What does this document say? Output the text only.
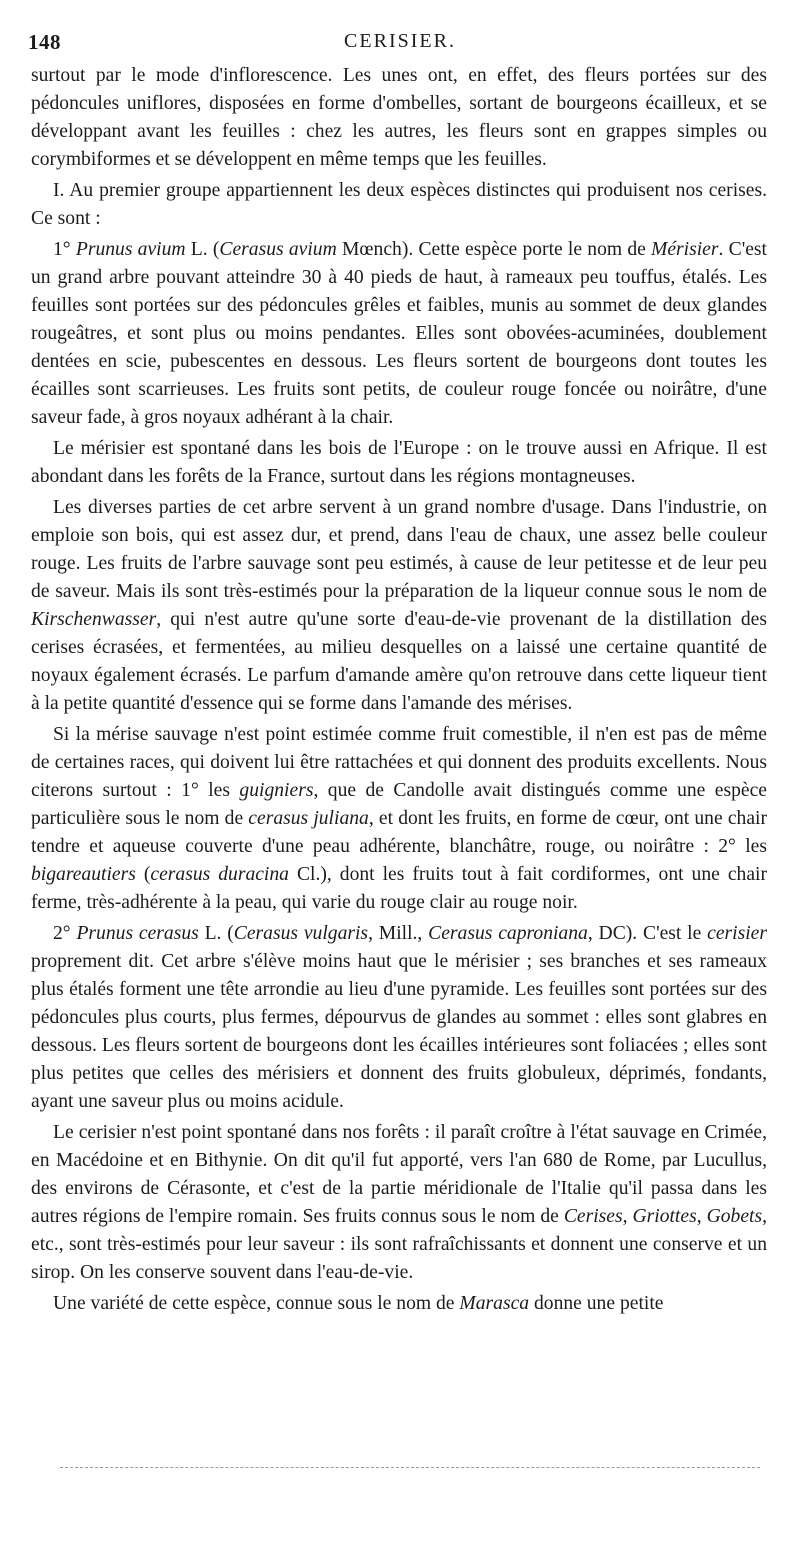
148	CERISIER.

surtout par le mode d'inflorescence. Les unes ont, en effet, des fleurs portées sur des pédoncules uniflores, disposées en forme d'ombelles, sortant de bourgeons écailleux, et se développant avant les feuilles : chez les autres, les fleurs sont en grappes simples ou corymbiformes et se développent en même temps que les feuilles.

I. Au premier groupe appartiennent les deux espèces distinctes qui produisent nos cerises. Ce sont :

1° Prunus avium L. (Cerasus avium Mœnch). Cette espèce porte le nom de Mérisier. C'est un grand arbre pouvant atteindre 30 à 40 pieds de haut, à rameaux peu touffus, étalés. Les feuilles sont portées sur des pédoncules grêles et faibles, munis au sommet de deux glandes rougeâtres, et sont plus ou moins pendantes. Elles sont obovées-acuminées, doublement dentées en scie, pubescentes en dessous. Les fleurs sortent de bourgeons dont toutes les écailles sont scarrieuses. Les fruits sont petits, de couleur rouge foncée ou noirâtre, d'une saveur fade, à gros noyaux adhérant à la chair.

Le mérisier est spontané dans les bois de l'Europe : on le trouve aussi en Afrique. Il est abondant dans les forêts de la France, surtout dans les régions montagneuses.

Les diverses parties de cet arbre servent à un grand nombre d'usage. Dans l'industrie, on emploie son bois, qui est assez dur, et prend, dans l'eau de chaux, une assez belle couleur rouge. Les fruits de l'arbre sauvage sont peu estimés, à cause de leur petitesse et de leur peu de saveur. Mais ils sont très-estimés pour la préparation de la liqueur connue sous le nom de Kirschenwasser, qui n'est autre qu'une sorte d'eau-de-vie provenant de la distillation des cerises écrasées, et fermentées, au milieu desquelles on a laissé une certaine quantité de noyaux également écrasés. Le parfum d'amande amère qu'on retrouve dans cette liqueur tient à la petite quantité d'essence qui se forme dans l'amande des mérises.

Si la mérise sauvage n'est point estimée comme fruit comestible, il n'en est pas de même de certaines races, qui doivent lui être rattachées et qui donnent des produits excellents. Nous citerons surtout : 1° les guigniers, que de Candolle avait distingués comme une espèce particulière sous le nom de cerasus juliana, et dont les fruits, en forme de cœur, ont une chair tendre et aqueuse couverte d'une peau adhérente, blanchâtre, rouge, ou noirâtre : 2° les bigareautiers (cerasus duracina Cl.), dont les fruits tout à fait cordiformes, ont une chair ferme, très-adhérente à la peau, qui varie du rouge clair au rouge noir.

2° Prunus cerasus L. (Cerasus vulgaris, Mill., Cerasus caproniana, DC). C'est le cerisier proprement dit. Cet arbre s'élève moins haut que le mérisier ; ses branches et ses rameaux plus étalés forment une tête arrondie au lieu d'une pyramide. Les feuilles sont portées sur des pédoncules plus courts, plus fermes, dépourvus de glandes au sommet : elles sont glabres en dessous. Les fleurs sortent de bourgeons dont les écailles intérieures sont foliacées ; elles sont plus petites que celles des mérisiers et donnent des fruits globuleux, déprimés, fondants, ayant une saveur plus ou moins acidule.

Le cerisier n'est point spontané dans nos forêts : il paraît croître à l'état sauvage en Crimée, en Macédoine et en Bithynie. On dit qu'il fut apporté, vers l'an 680 de Rome, par Lucullus, des environs de Cérasonte, et c'est de la partie méridionale de l'Italie qu'il passa dans les autres régions de l'empire romain. Ses fruits connus sous le nom de Cerises, Griottes, Gobets, etc., sont très-estimés pour leur saveur : ils sont rafraîchissants et donnent une conserve et un sirop. On les conserve souvent dans l'eau-de-vie.

Une variété de cette espèce, connue sous le nom de Marasca donne une petite
